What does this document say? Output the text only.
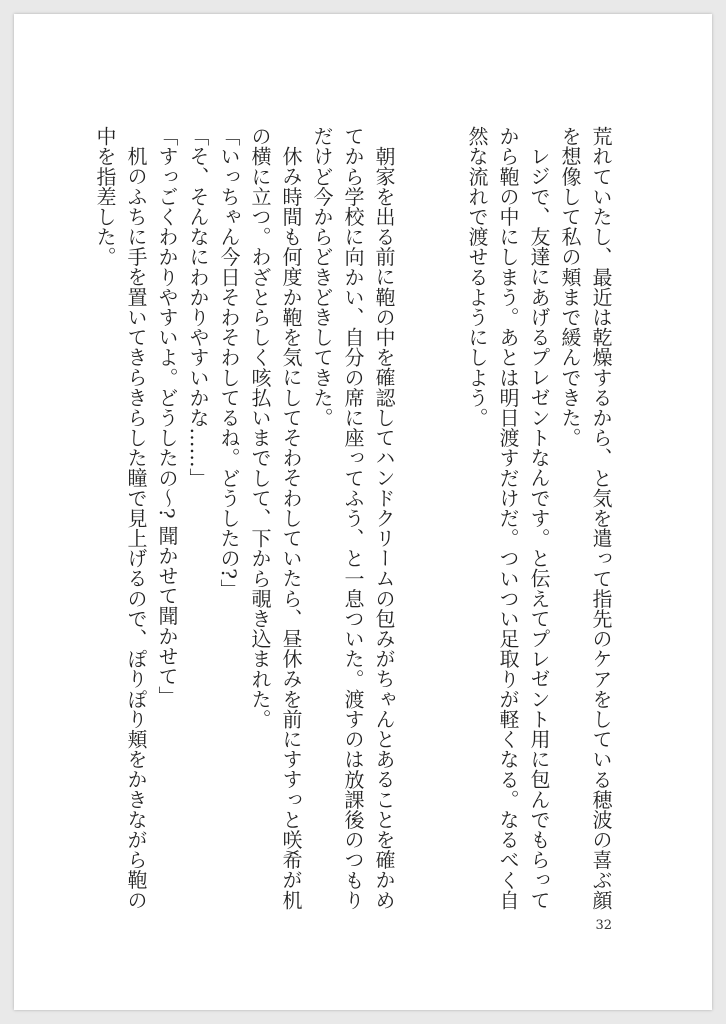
荒れていたし、最近は乾燥するから、と気を遣って指先のケアをしている穂波の喜ぶ顔を想像して私の頬まで緩んできた。

レジで、友達にあげるプレゼントなんです。と伝えてプレゼント用に包んでもらってから鞄の中にしまう。あとは明日渡すだけだ。ついつい足取りが軽くなる。なるべく自然な流れで渡せるようにしよう。

朝家を出る前に鞄の中を確認してハンドクリームの包みがちゃんとあることを確かめてから学校に向かい、自分の席に座ってふう、と一息ついた。渡すのは放課後のつもりだけど今からどきどきしてきた。

休み時間も何度か鞄を気にしてそわそわしていたら、昼休みを前にすすっと咲希が机の横に立つ。わざとらしく咳払いまでして、下から覗き込まれた。

「いっちゃん今日そわそわしてるね。どうしたの?」

「そ、そんなにわかりやすいかな……」

「すっごくわかりやすいよ。どうしたの〜? 聞かせて聞かせて」

机のふちに手を置いてきらきらした瞳で見上げるので、ぽりぽり頬をかきながら鞄の中を指差した。

32
